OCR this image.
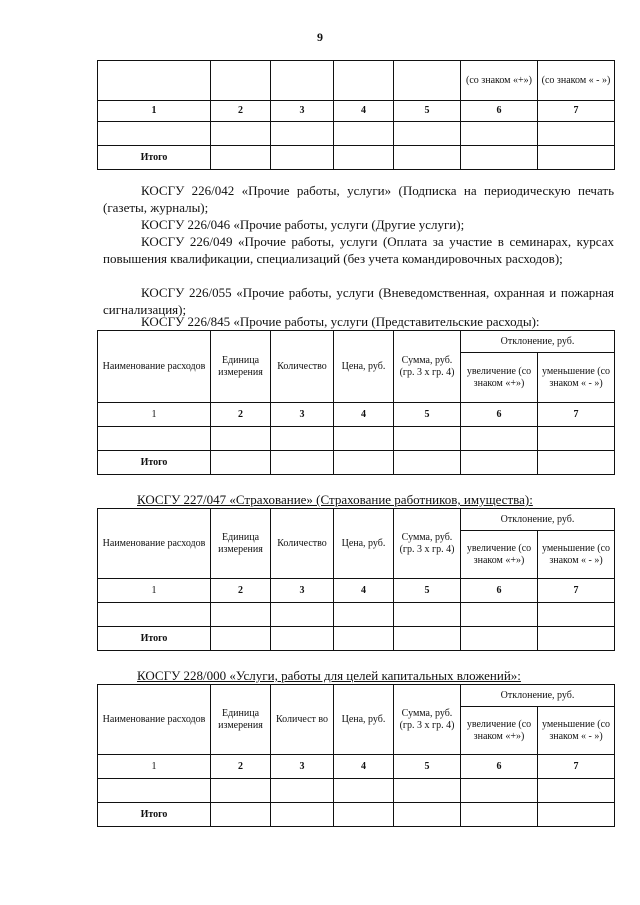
9
					(со знаком «+»)	(со знаком « - »)
1	2	3	4	5	6	7

Итого						
КОСГУ 226/042 «Прочие работы, услуги» (Подписка на периодическую печать (газеты, журналы);
КОСГУ 226/046 «Прочие работы, услуги (Другие услуги);
КОСГУ 226/049 «Прочие работы, услуги (Оплата за участие в семинарах, курсах повышения квалификации, специализаций (без учета командировочных расходов);
КОСГУ 226/055 «Прочие работы, услуги (Вневедомственная, охранная и пожарная сигнализация);
КОСГУ 226/845 «Прочие работы, услуги (Представительские расходы):
Наименование расходов	Единица измерения	Количество	Цена, руб.	Сумма, руб. (гр. 3 х гр. 4)	Отклонение, руб.	
					увеличение (со знаком «+»)	уменьшение (со знаком « - »)
1	2	3	4	5	6	7

Итого						
КОСГУ 227/047 «Страхование» (Страхование работников, имущества):
Наименование расходов	Единица измерения	Количество	Цена, руб.	Сумма, руб. (гр. 3 х гр. 4)	Отклонение, руб.	
					увеличение (со знаком «+»)	уменьшение (со знаком « - »)
1	2	3	4	5	6	7

Итого						
КОСГУ 228/000 «Услуги, работы для целей капитальных вложений»:
Наименование расходов	Единица измерения	Количест во	Цена, руб.	Сумма, руб. (гр. 3 х гр. 4)	Отклонение, руб.	
					увеличение (со знаком «+»)	уменьшение (со знаком « - »)
1	2	3	4	5	6	7

Итого						
